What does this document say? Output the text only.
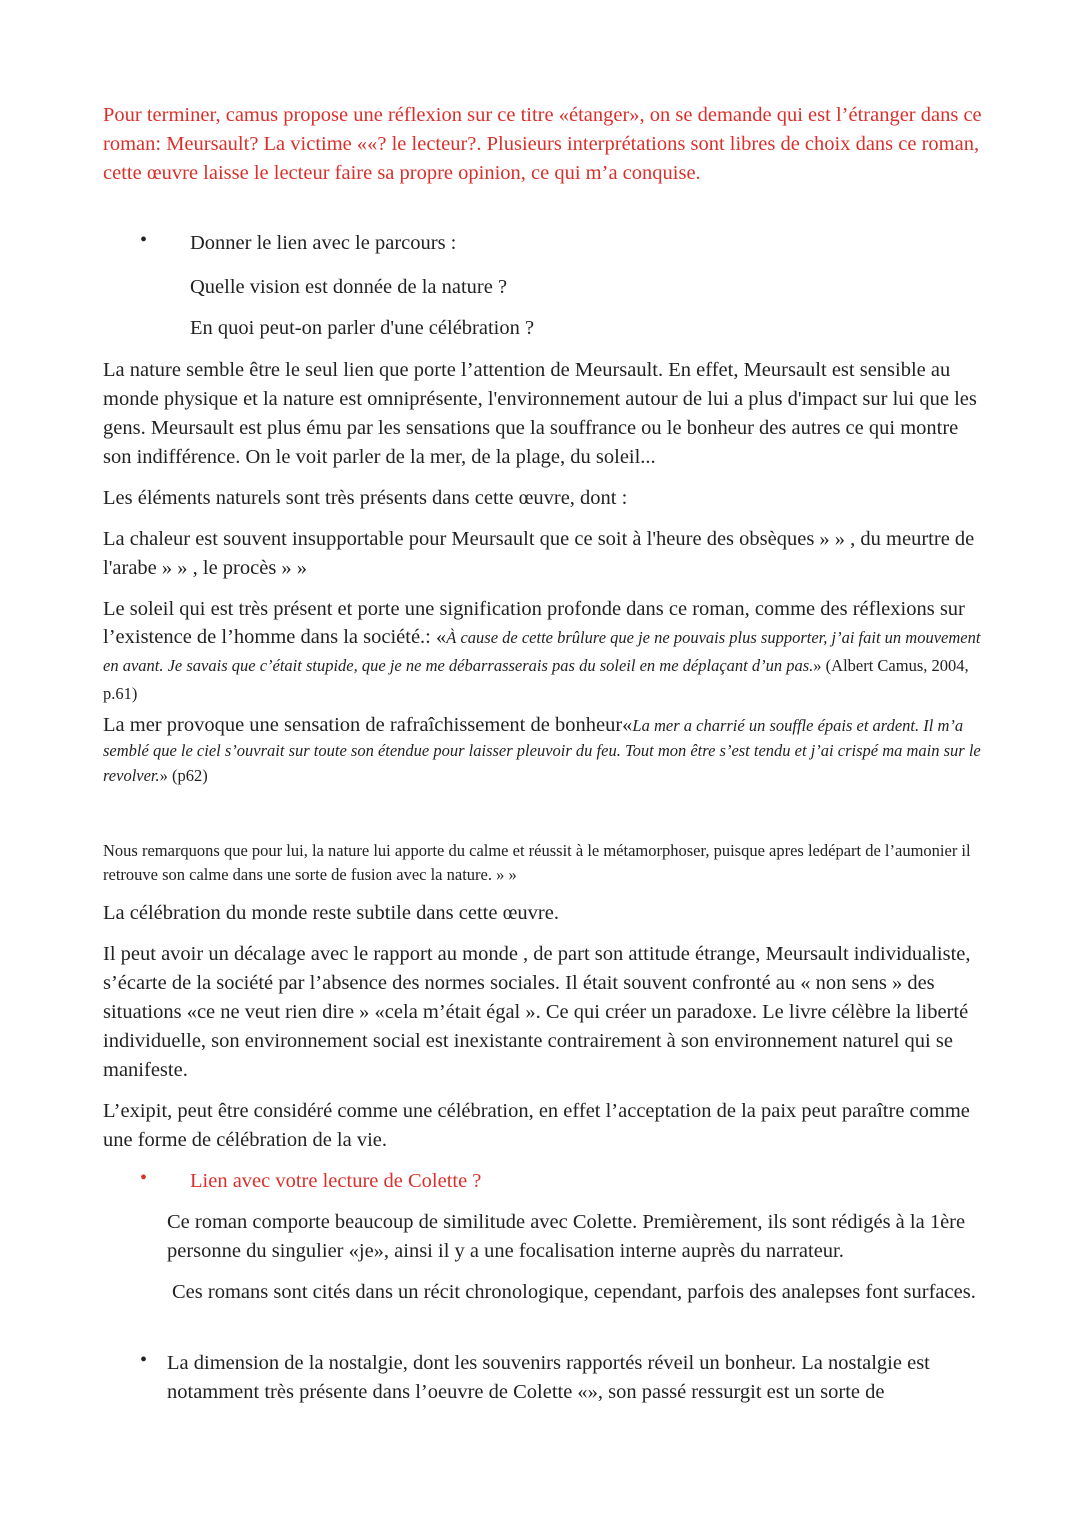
Pour terminer, camus propose une réflexion sur ce titre «étanger», on se demande qui est l’étranger dans ce roman: Meursault? La victime ««? le lecteur?. Plusieurs interprétations sont libres de choix dans ce roman, cette œuvre laisse le lecteur faire sa propre opinion, ce qui m’a conquise.

• Donner le lien avec le parcours :

Quelle vision est donnée de la nature ?

En quoi peut-on parler d'une célébration ?

La nature semble être le seul lien que porte l’attention de Meursault. En effet, Meursault est sensible au monde physique et la nature est omniprésente, l'environnement autour de lui a plus d'impact sur lui que les gens. Meursault est plus ému par les sensations que la souffrance ou le bonheur des autres ce qui montre son indifférence. On le voit parler de la mer, de la plage, du soleil...

Les éléments naturels sont très présents dans cette œuvre, dont :

La chaleur est souvent insupportable pour Meursault que ce soit à l'heure des obsèques » » , du meurtre de l'arabe » » , le procès » »

Le soleil qui est très présent et porte une signification profonde dans ce roman, comme des réflexions sur l’existence de l’homme dans la société.: «À cause de cette brûlure que je ne pouvais plus supporter, j’ai fait un mouvement en avant. Je savais que c’était stupide, que je ne me débarrasserais pas du soleil en me déplaçant d’un pas.» (Albert Camus, 2004, p.61)

La mer provoque une sensation de rafraîchissement de bonheur«La mer a charrié un souffle épais et ardent. Il m’a semblé que le ciel s’ouvrait sur toute son étendue pour laisser pleuvoir du feu. Tout mon être s’est tendu et j’ai crispé ma main sur le revolver.» (p62)

Nous remarquons que pour lui, la nature lui apporte du calme et réussit à le métamorphoser, puisque apres ledépart de l’aumonier il retrouve son calme dans une sorte de fusion avec la nature. » »

La célébration du monde reste subtile dans cette œuvre.

Il peut avoir un décalage avec le rapport au monde , de part son attitude étrange, Meursault individualiste, s’écarte de la société par l’absence des normes sociales. Il était souvent confronté au « non sens » des situations «ce ne veut rien dire » «cela m’était égal ». Ce qui créer un paradoxe. Le livre célèbre la liberté individuelle, son environnement social est inexistante contrairement à son environnement naturel qui se manifeste.

L’exipit, peut être considéré comme une célébration, en effet l’acceptation de la paix peut paraître comme une forme de célébration de la vie.

• Lien avec votre lecture de Colette ?

Ce roman comporte beaucoup de similitude avec Colette. Premièrement, ils sont rédigés à la 1ère personne du singulier «je», ainsi il y a une focalisation interne auprès du narrateur.

Ces romans sont cités dans un récit chronologique, cependant, parfois des analepses font surfaces.

• La dimension de la nostalgie, dont les souvenirs rapportés réveil un bonheur. La nostalgie est notamment très présente dans l’oeuvre de Colette «», son passé ressurgit est un sorte de
